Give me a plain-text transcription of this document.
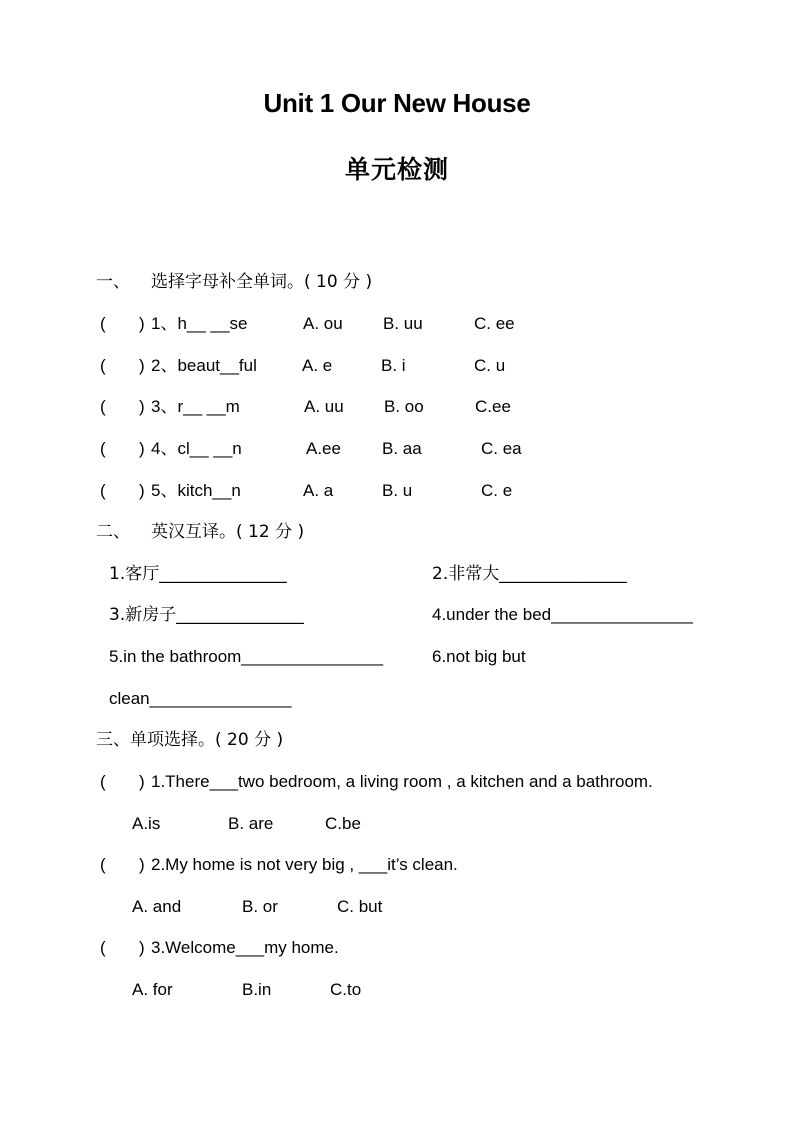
Unit 1 Our New House
单元检测
一、 选择字母补全单词。( 10 分 )
( ) 1、h__ __se	A. ou B. uu	C. ee
( ) 2、beaut__ful	A. e	B. i	C. u
( ) 3、r__ __m	A. uu B. oo	C.ee
( ) 4、cl__ __n	A.ee B. aa	C. ea
( ) 5、kitch__n	A. a	B. u	C. e
二、 英汉互译。( 12 分 )
1.客厅_______________	2.非常大_______________
3.新房子_______________	4.under the bed_______________
5.in the bathroom_______________	6.not big but
clean_______________
三、单项选择。( 20 分 )
( ) 1.There___two bedroom, a living room , a kitchen and a bathroom.
A.is	B. are	C.be
( ) 2.My home is not very big , ___it’s clean.
A. and	B. or	C. but
( ) 3.Welcome___my home.
A. for	B.in	C.to
